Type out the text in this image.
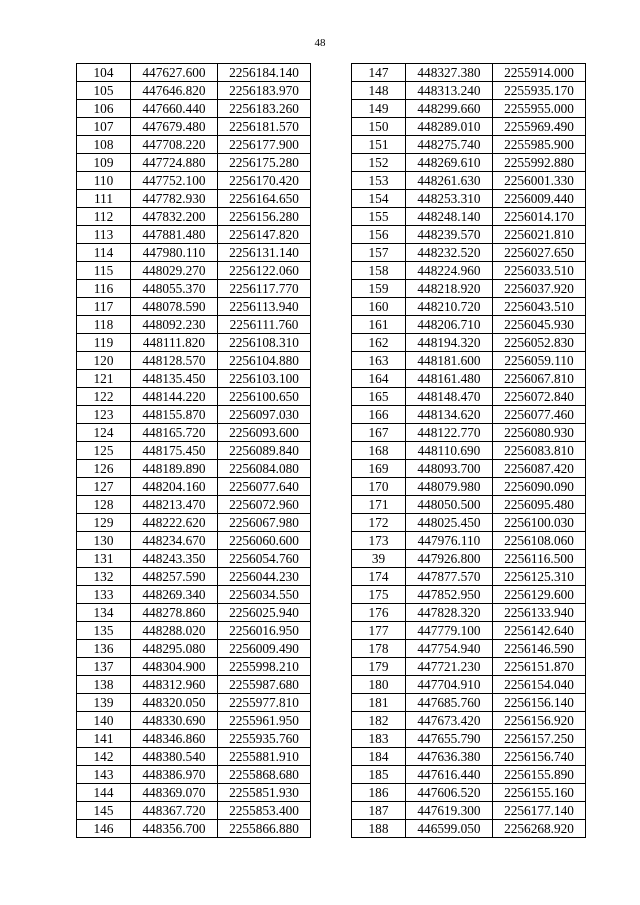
48
104	447627.600	2256184.140
105	447646.820	2256183.970
106	447660.440	2256183.260
107	447679.480	2256181.570
108	447708.220	2256177.900
109	447724.880	2256175.280
110	447752.100	2256170.420
111	447782.930	2256164.650
112	447832.200	2256156.280
113	447881.480	2256147.820
114	447980.110	2256131.140
115	448029.270	2256122.060
116	448055.370	2256117.770
117	448078.590	2256113.940
118	448092.230	2256111.760
119	448111.820	2256108.310
120	448128.570	2256104.880
121	448135.450	2256103.100
122	448144.220	2256100.650
123	448155.870	2256097.030
124	448165.720	2256093.600
125	448175.450	2256089.840
126	448189.890	2256084.080
127	448204.160	2256077.640
128	448213.470	2256072.960
129	448222.620	2256067.980
130	448234.670	2256060.600
131	448243.350	2256054.760
132	448257.590	2256044.230
133	448269.340	2256034.550
134	448278.860	2256025.940
135	448288.020	2256016.950
136	448295.080	2256009.490
137	448304.900	2255998.210
138	448312.960	2255987.680
139	448320.050	2255977.810
140	448330.690	2255961.950
141	448346.860	2255935.760
142	448380.540	2255881.910
143	448386.970	2255868.680
144	448369.070	2255851.930
145	448367.720	2255853.400
146	448356.700	2255866.880
147	448327.380	2255914.000
148	448313.240	2255935.170
149	448299.660	2255955.000
150	448289.010	2255969.490
151	448275.740	2255985.900
152	448269.610	2255992.880
153	448261.630	2256001.330
154	448253.310	2256009.440
155	448248.140	2256014.170
156	448239.570	2256021.810
157	448232.520	2256027.650
158	448224.960	2256033.510
159	448218.920	2256037.920
160	448210.720	2256043.510
161	448206.710	2256045.930
162	448194.320	2256052.830
163	448181.600	2256059.110
164	448161.480	2256067.810
165	448148.470	2256072.840
166	448134.620	2256077.460
167	448122.770	2256080.930
168	448110.690	2256083.810
169	448093.700	2256087.420
170	448079.980	2256090.090
171	448050.500	2256095.480
172	448025.450	2256100.030
173	447976.110	2256108.060
39	447926.800	2256116.500
174	447877.570	2256125.310
175	447852.950	2256129.600
176	447828.320	2256133.940
177	447779.100	2256142.640
178	447754.940	2256146.590
179	447721.230	2256151.870
180	447704.910	2256154.040
181	447685.760	2256156.140
182	447673.420	2256156.920
183	447655.790	2256157.250
184	447636.380	2256156.740
185	447616.440	2256155.890
186	447606.520	2256155.160
187	447619.300	2256177.140
188	446599.050	2256268.920
